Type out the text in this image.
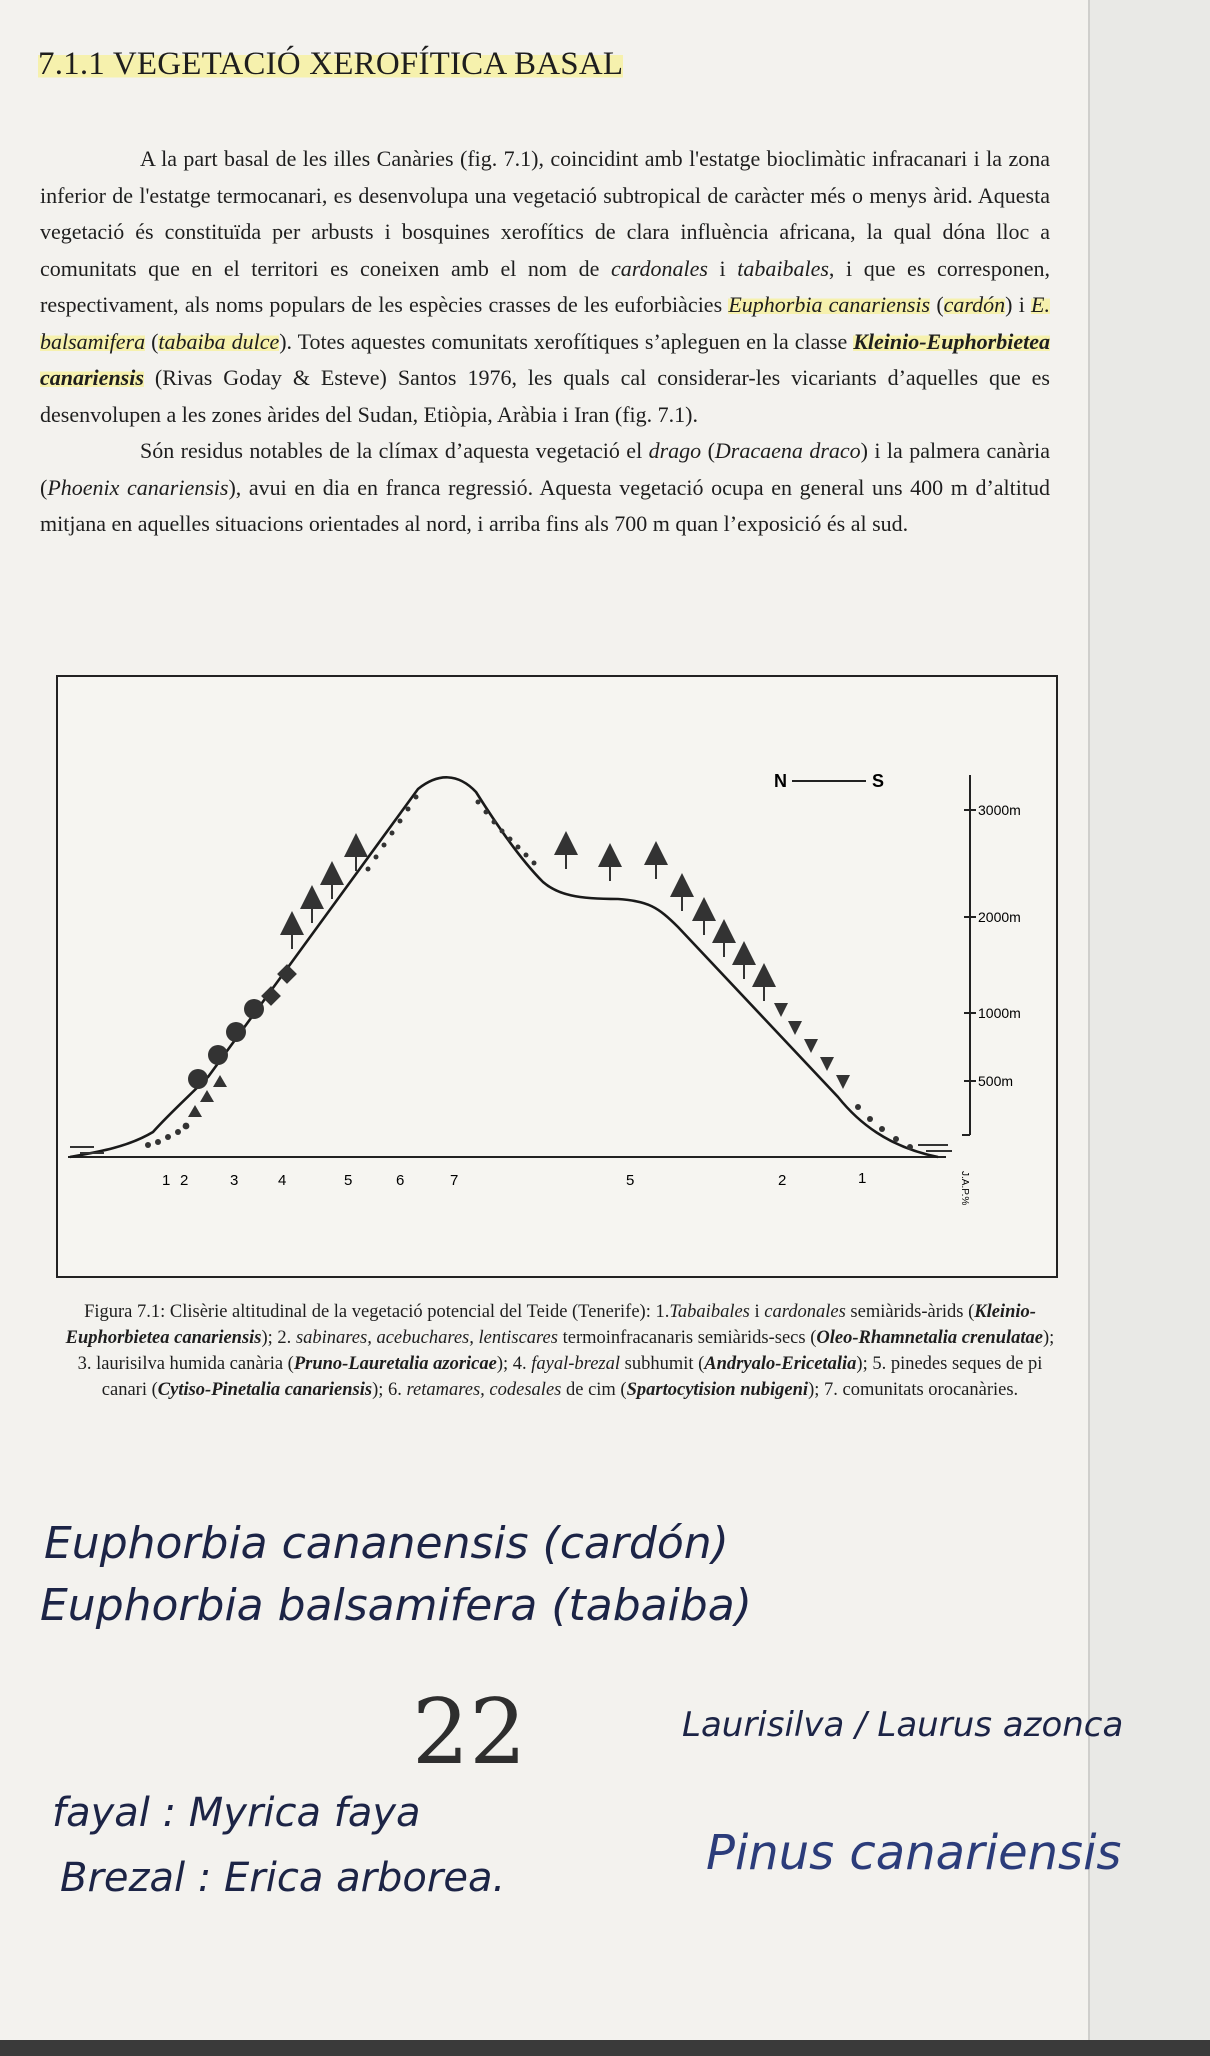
7.1.1 VEGETACIÓ XEROFÍTICA BASAL

A la part basal de les illes Canàries (fig. 7.1), coincidint amb l'estatge bioclimàtic infracanari i la zona inferior de l'estatge termocanari, es desenvolupa una vegetació subtropical de caràcter més o menys àrid. Aquesta vegetació és constituïda per arbusts i bosquines xerofítics de clara influència africana, la qual dóna lloc a comunitats que en el territori es coneixen amb el nom de cardonales i tabaibales, i que es corresponen, respectivament, als noms populars de les espècies crasses de les euforbiàcies Euphorbia canariensis (cardón) i E. balsamifera (tabaiba dulce). Totes aquestes comunitats xerofítiques s’apleguen en la classe Kleinio-Euphorbietea canariensis (Rivas Goday & Esteve) Santos 1976, les quals cal considerar-les vicariants d’aquelles que es desenvolupen a les zones àrides del Sudan, Etiòpia, Aràbia i Iran (fig. 7.1).

Són residus notables de la clímax d’aquesta vegetació el drago (Dracaena draco) i la palmera canària (Phoenix canariensis), avui en dia en franca regressió. Aquesta vegetació ocupa en general uns 400 m d’altitud mitjana en aquelles situacions orientades al nord, i arriba fins als 700 m quan l’exposició és al sud.

3000m
2000m
1000m
500m
N	S
1 2	3	4	5	6	7	5	2	1	J.A.P.%
Figura 7.1: Clisèrie altitudinal de la vegetació potencial del Teide (Tenerife): 1.Tabaibales i cardonales semiàrids-àrids (Kleinio-Euphorbietea canariensis); 2. sabinares, acebuchares, lentiscares termoinfracanaris semiàrids-secs (Oleo-Rhamnetalia crenulatae); 3. laurisilva humida canària (Pruno-Lauretalia azoricae); 4. fayal-brezal subhumit (Andryalo-Ericetalia); 5. pinedes seques de pi canari (Cytiso-Pinetalia canariensis); 6. retamares, codesales de cim (Spartocytision nubigeni); 7. comunitats orocanàries.
Euphorbia cananensis (cardón)
Euphorbia balsamifera (tabaiba)
22	Laurisilva / Laurus azonca
fayal : Myrica faya
Brezal : Erica arborea.	Pinus canariensis
